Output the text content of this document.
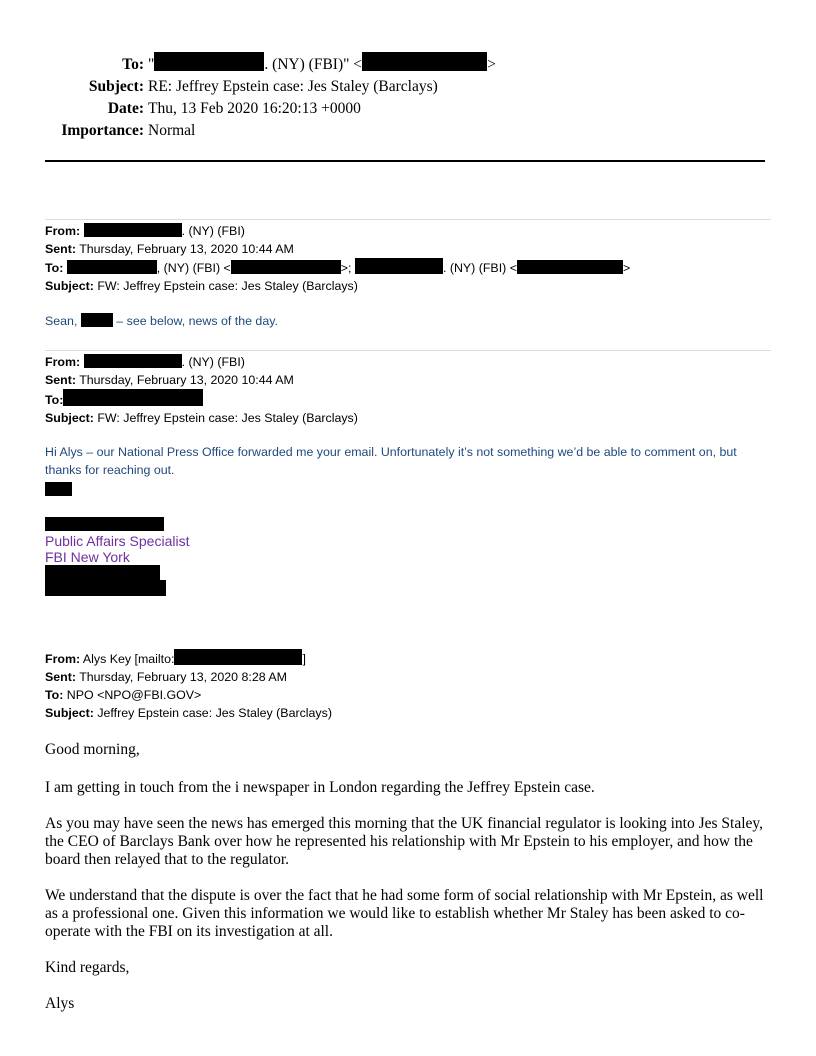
To: "	. (NY) (FBI)" <	>
Subject: RE: Jeffrey Epstein case: Jes Staley (Barclays)
Date: Thu, 13 Feb 2020 16:20:13 +0000
Importance: Normal
From:	. (NY) (FBI)
Sent: Thursday, February 13, 2020 10:44 AM
To:	, (NY) (FBI) <	>;	. (NY) (FBI) <	>
Subject: FW: Jeffrey Epstein case: Jes Staley (Barclays)
Sean,	– see below, news of the day.
From:	. (NY) (FBI)
Sent: Thursday, February 13, 2020 10:44 AM
To:
Subject: FW: Jeffrey Epstein case: Jes Staley (Barclays)
Hi Alys – our National Press Office forwarded me your email. Unfortunately it’s not something we’d be able to comment on, but thanks for reaching out.
Public Affairs Specialist
FBI New York
From: Alys Key [mailto:	]
Sent: Thursday, February 13, 2020 8:28 AM
To: NPO <NPO@FBI.GOV>
Subject: Jeffrey Epstein case: Jes Staley (Barclays)

Good morning,

I am getting in touch from the i newspaper in London regarding the Jeffrey Epstein case.

As you may have seen the news has emerged this morning that the UK financial regulator is looking into Jes Staley, the CEO of Barclays Bank over how he represented his relationship with Mr Epstein to his employer, and how the board then relayed that to the regulator.

We understand that the dispute is over the fact that he had some form of social relationship with Mr Epstein, as well as a professional one. Given this information we would like to establish whether Mr Staley has been asked to co-operate with the FBI on its investigation at all.

Kind regards,

Alys
